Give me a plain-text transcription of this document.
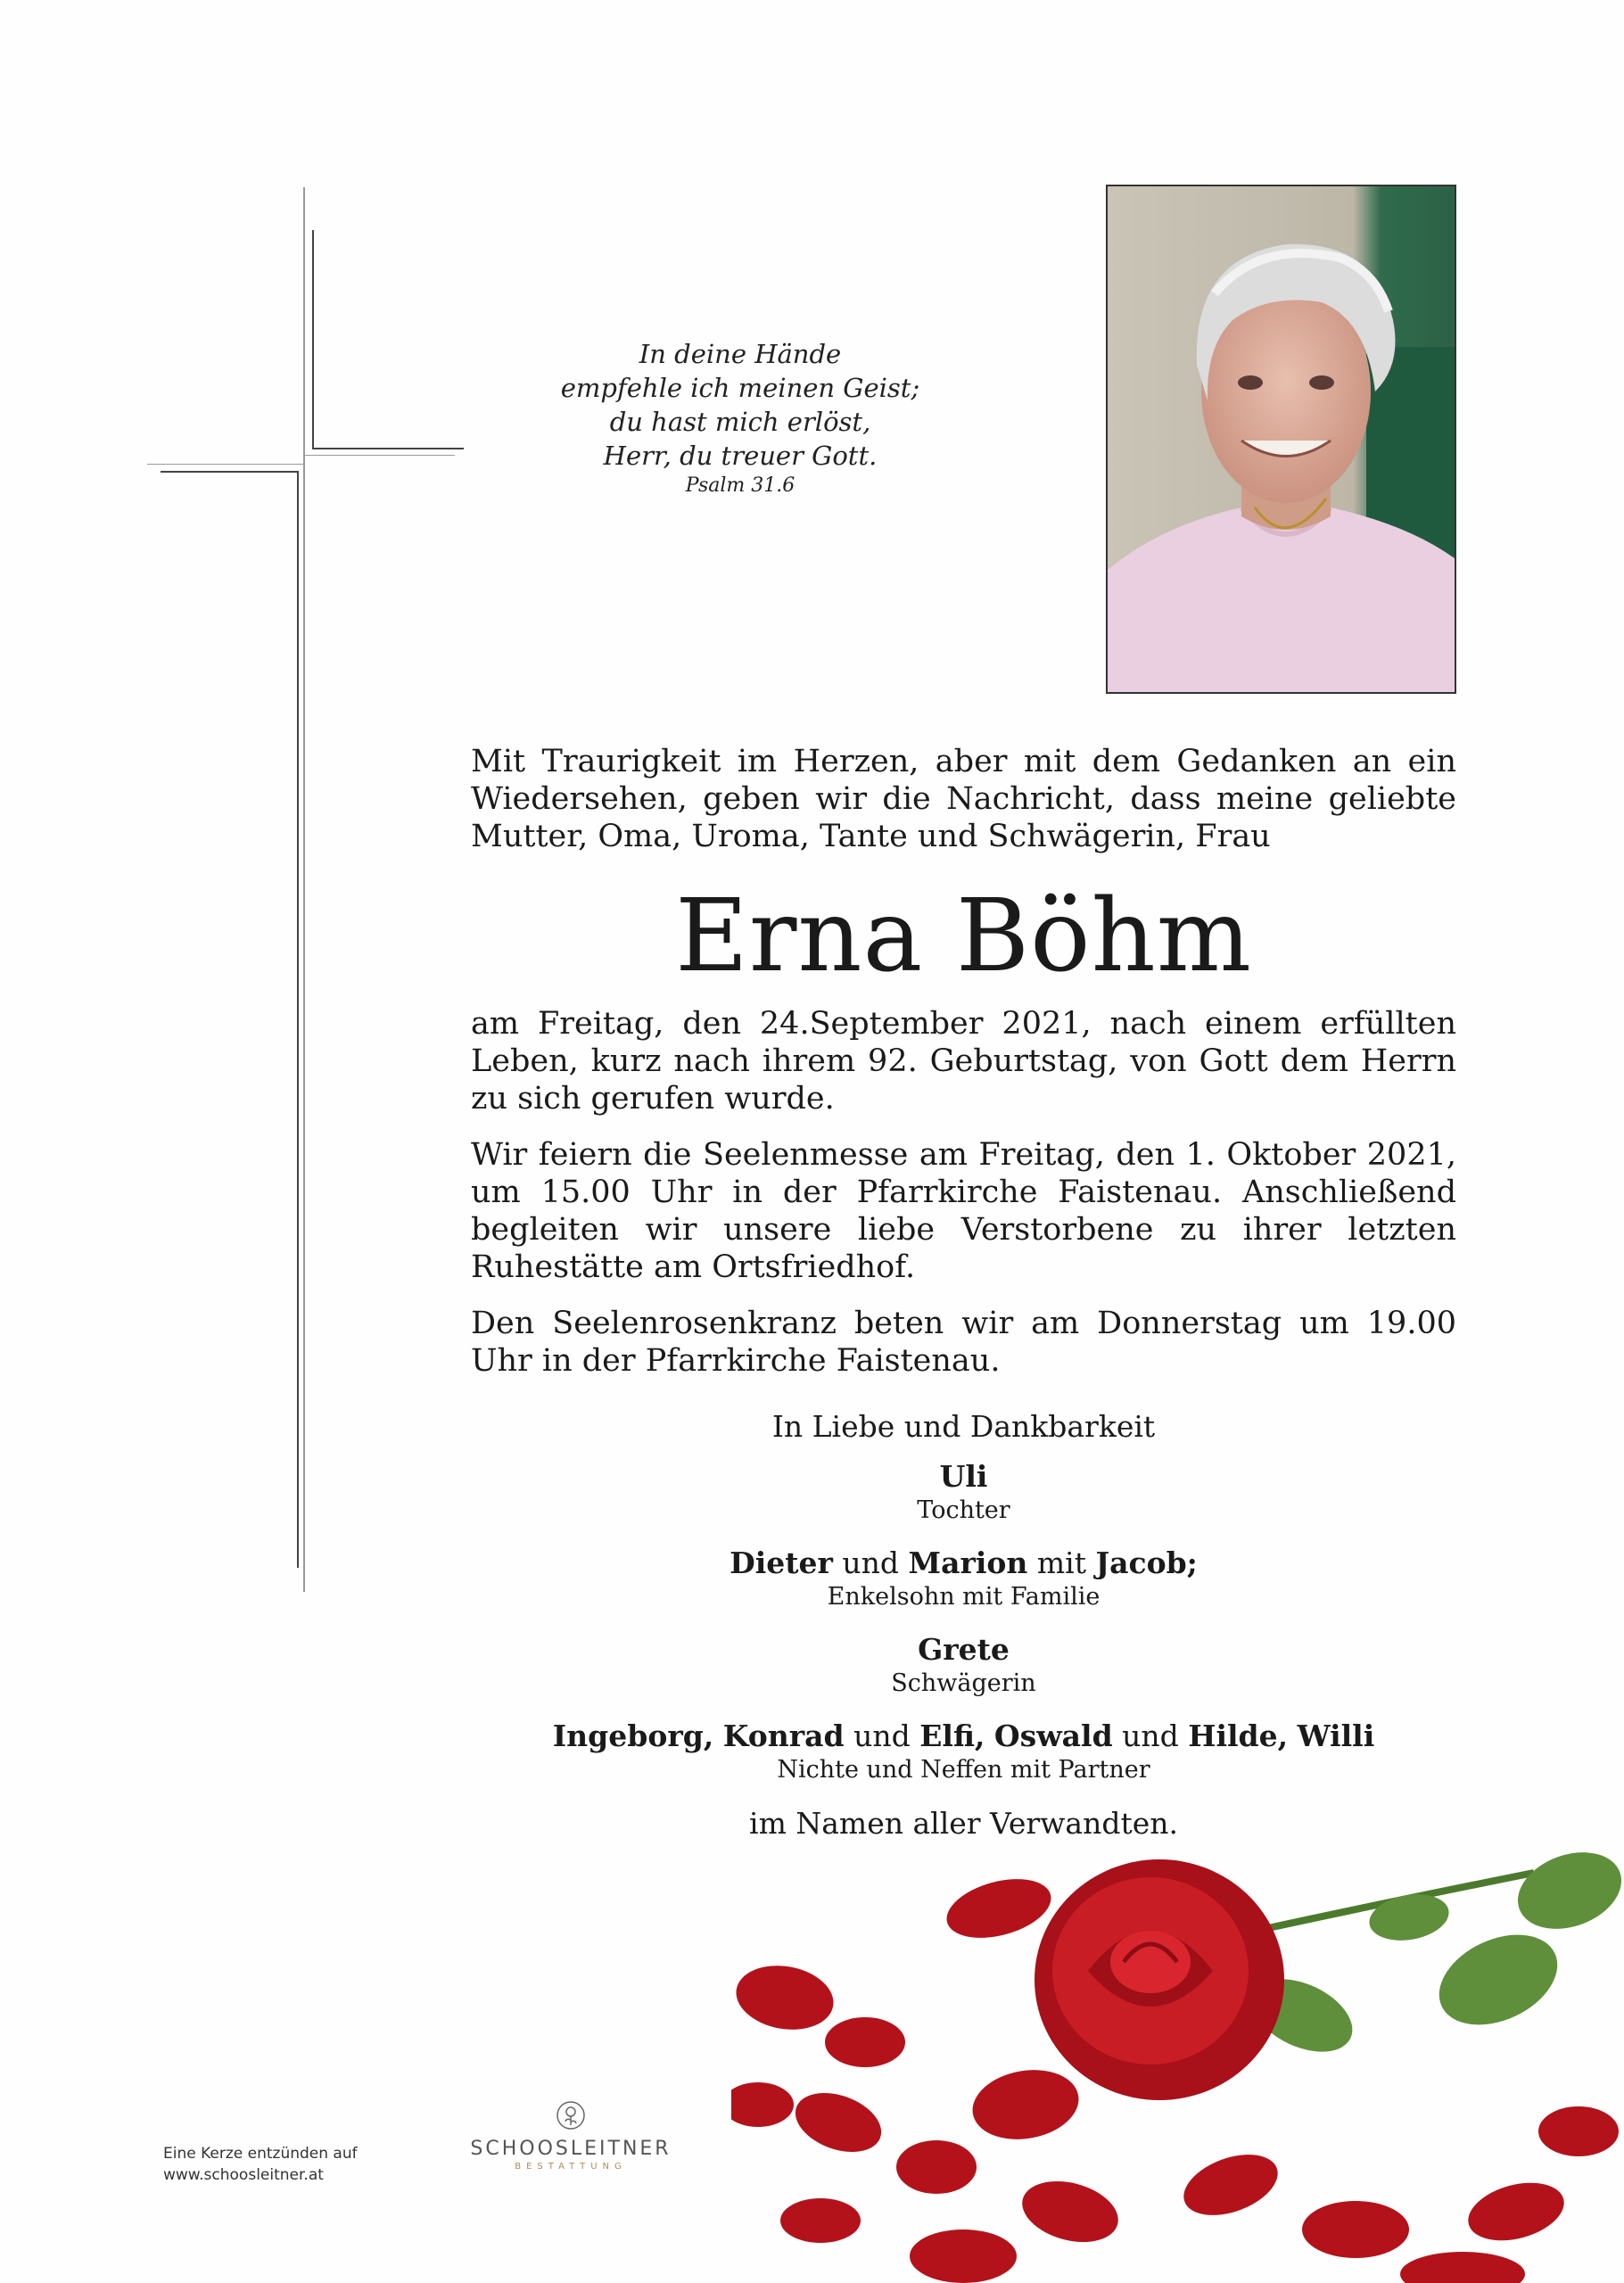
In deine Hände
empfehle ich meinen Geist;
du hast mich erlöst,
Herr, du treuer Gott.
Psalm 31.6
Mit Traurigkeit im Herzen, aber mit dem Gedanken an ein Wiedersehen, geben wir die Nachricht, dass meine geliebte Mutter, Oma, Uroma, Tante und Schwägerin, Frau
Erna Böhm
am Freitag, den 24.September 2021, nach einem erfüllten Leben, kurz nach ihrem 92. Geburtstag, von Gott dem Herrn zu sich gerufen wurde.
Wir feiern die Seelenmesse am Freitag, den 1. Oktober 2021, um 15.00 Uhr in der Pfarrkirche Faistenau. Anschließend begleiten wir unsere liebe Verstorbene zu ihrer letzten Ruhestätte am Ortsfriedhof.
Den Seelenrosenkranz beten wir am Donnerstag um 19.00 Uhr in der Pfarrkirche Faistenau.
In Liebe und Dankbarkeit
Uli
Tochter
Dieter und Marion mit Jacob;
Enkelsohn mit Familie
Grete
Schwägerin
Ingeborg, Konrad und Elfi, Oswald und Hilde, Willi
Nichte und Neffen mit Partner
im Namen aller Verwandten.
Eine Kerze entzünden auf
www.schoosleitner.at
SCHOOSLEITNER
BESTATTUNG
